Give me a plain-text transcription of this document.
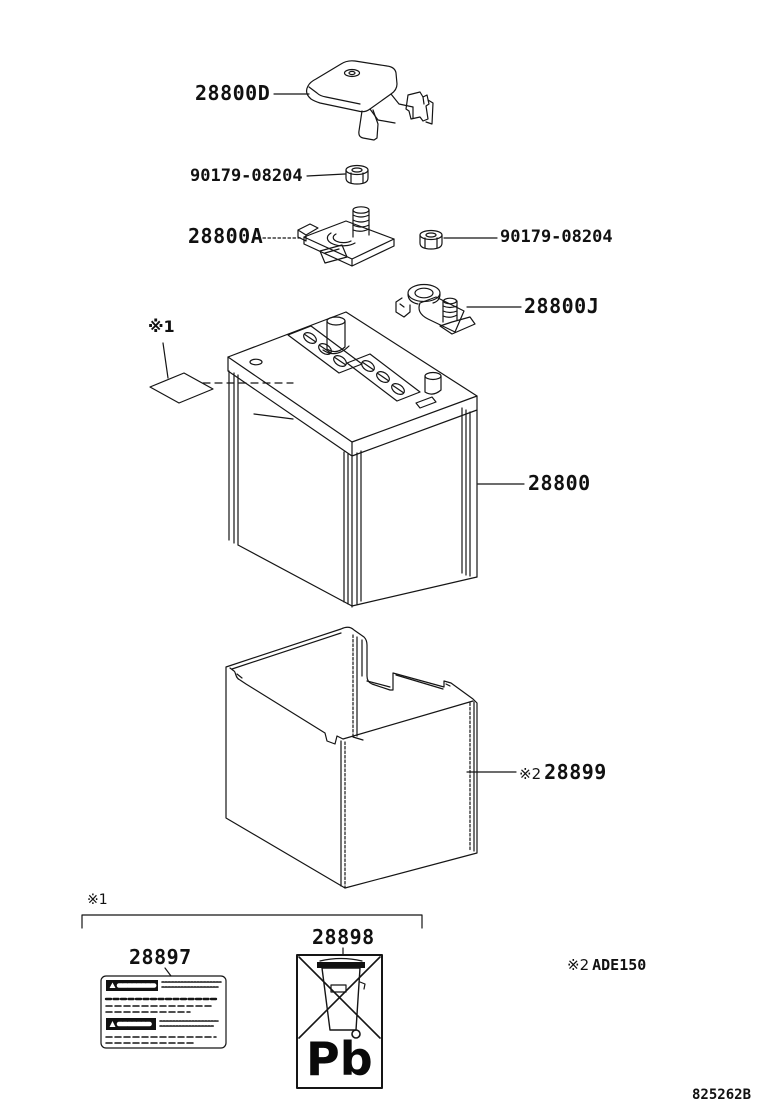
28800D
90179-08204
28800A	90179-08204
28800J
28800
※2 28899
※1
※1
28897
28898
※2 ADE150
Pb
825262B
